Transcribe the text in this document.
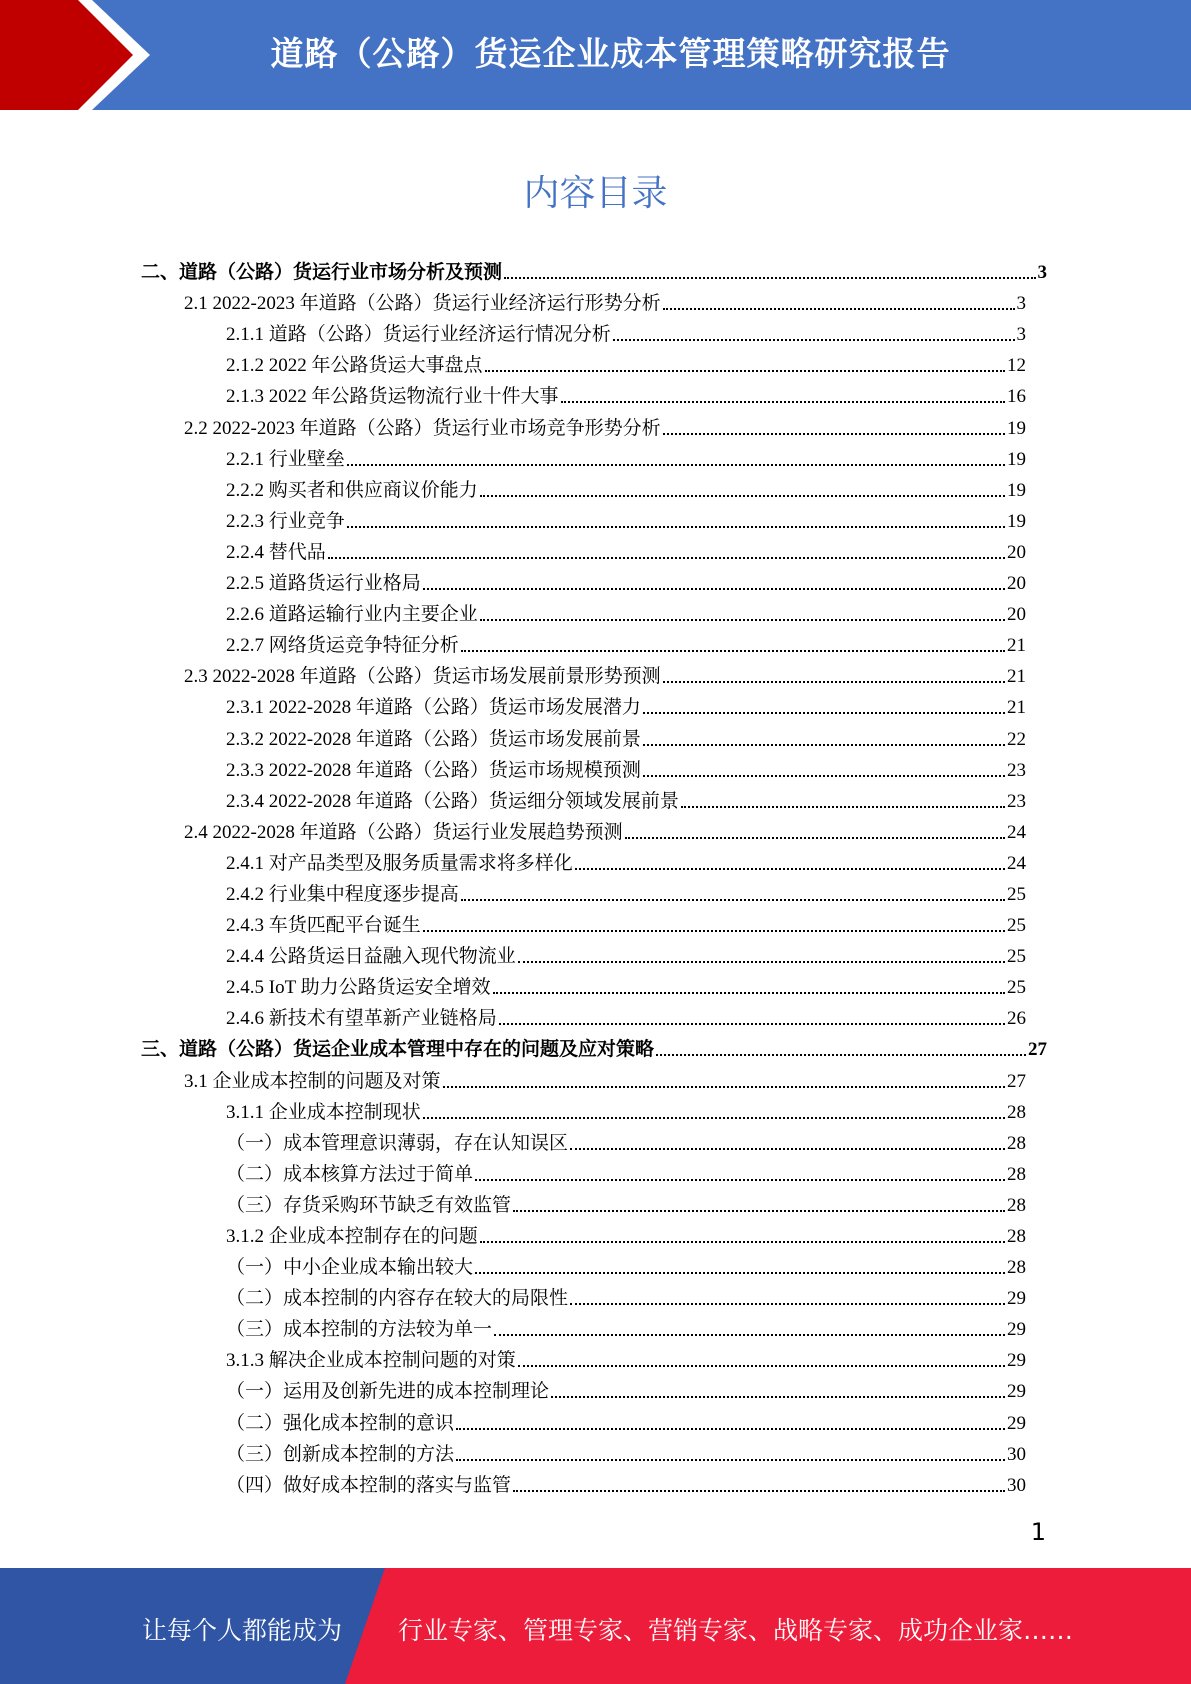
道路（公路）货运企业成本管理策略研究报告
内容目录
二、道路（公路）货运行业市场分析及预测	3
2.1 2022-2023 年道路（公路）货运行业经济运行形势分析	3
2.1.1 道路（公路）货运行业经济运行情况分析	3
2.1.2 2022 年公路货运大事盘点	12
2.1.3 2022 年公路货运物流行业十件大事	16
2.2 2022-2023 年道路（公路）货运行业市场竞争形势分析	19
2.2.1 行业壁垒	19
2.2.2 购买者和供应商议价能力	19
2.2.3 行业竞争	19
2.2.4 替代品	20
2.2.5 道路货运行业格局	20
2.2.6 道路运输行业内主要企业	20
2.2.7 网络货运竞争特征分析	21
2.3 2022-2028 年道路（公路）货运市场发展前景形势预测	21
2.3.1 2022-2028 年道路（公路）货运市场发展潜力	21
2.3.2 2022-2028 年道路（公路）货运市场发展前景	22
2.3.3 2022-2028 年道路（公路）货运市场规模预测	23
2.3.4 2022-2028 年道路（公路）货运细分领域发展前景	23
2.4 2022-2028 年道路（公路）货运行业发展趋势预测	24
2.4.1 对产品类型及服务质量需求将多样化	24
2.4.2 行业集中程度逐步提高	25
2.4.3 车货匹配平台诞生	25
2.4.4 公路货运日益融入现代物流业	25
2.4.5 IoT 助力公路货运安全增效	25
2.4.6 新技术有望革新产业链格局	26
三、道路（公路）货运企业成本管理中存在的问题及应对策略	27
3.1 企业成本控制的问题及对策	27
3.1.1 企业成本控制现状	28
（一）成本管理意识薄弱，存在认知误区	28
（二）成本核算方法过于简单	28
（三）存货采购环节缺乏有效监管	28
3.1.2 企业成本控制存在的问题	28
（一）中小企业成本输出较大	28
（二）成本控制的内容存在较大的局限性	29
（三）成本控制的方法较为单一	29
3.1.3 解决企业成本控制问题的对策	29
（一）运用及创新先进的成本控制理论	29
（二）强化成本控制的意识	29
（三）创新成本控制的方法	30
（四）做好成本控制的落实与监管	30
1
让每个人都能成为 行业专家、管理专家、营销专家、战略专家、成功企业家……
